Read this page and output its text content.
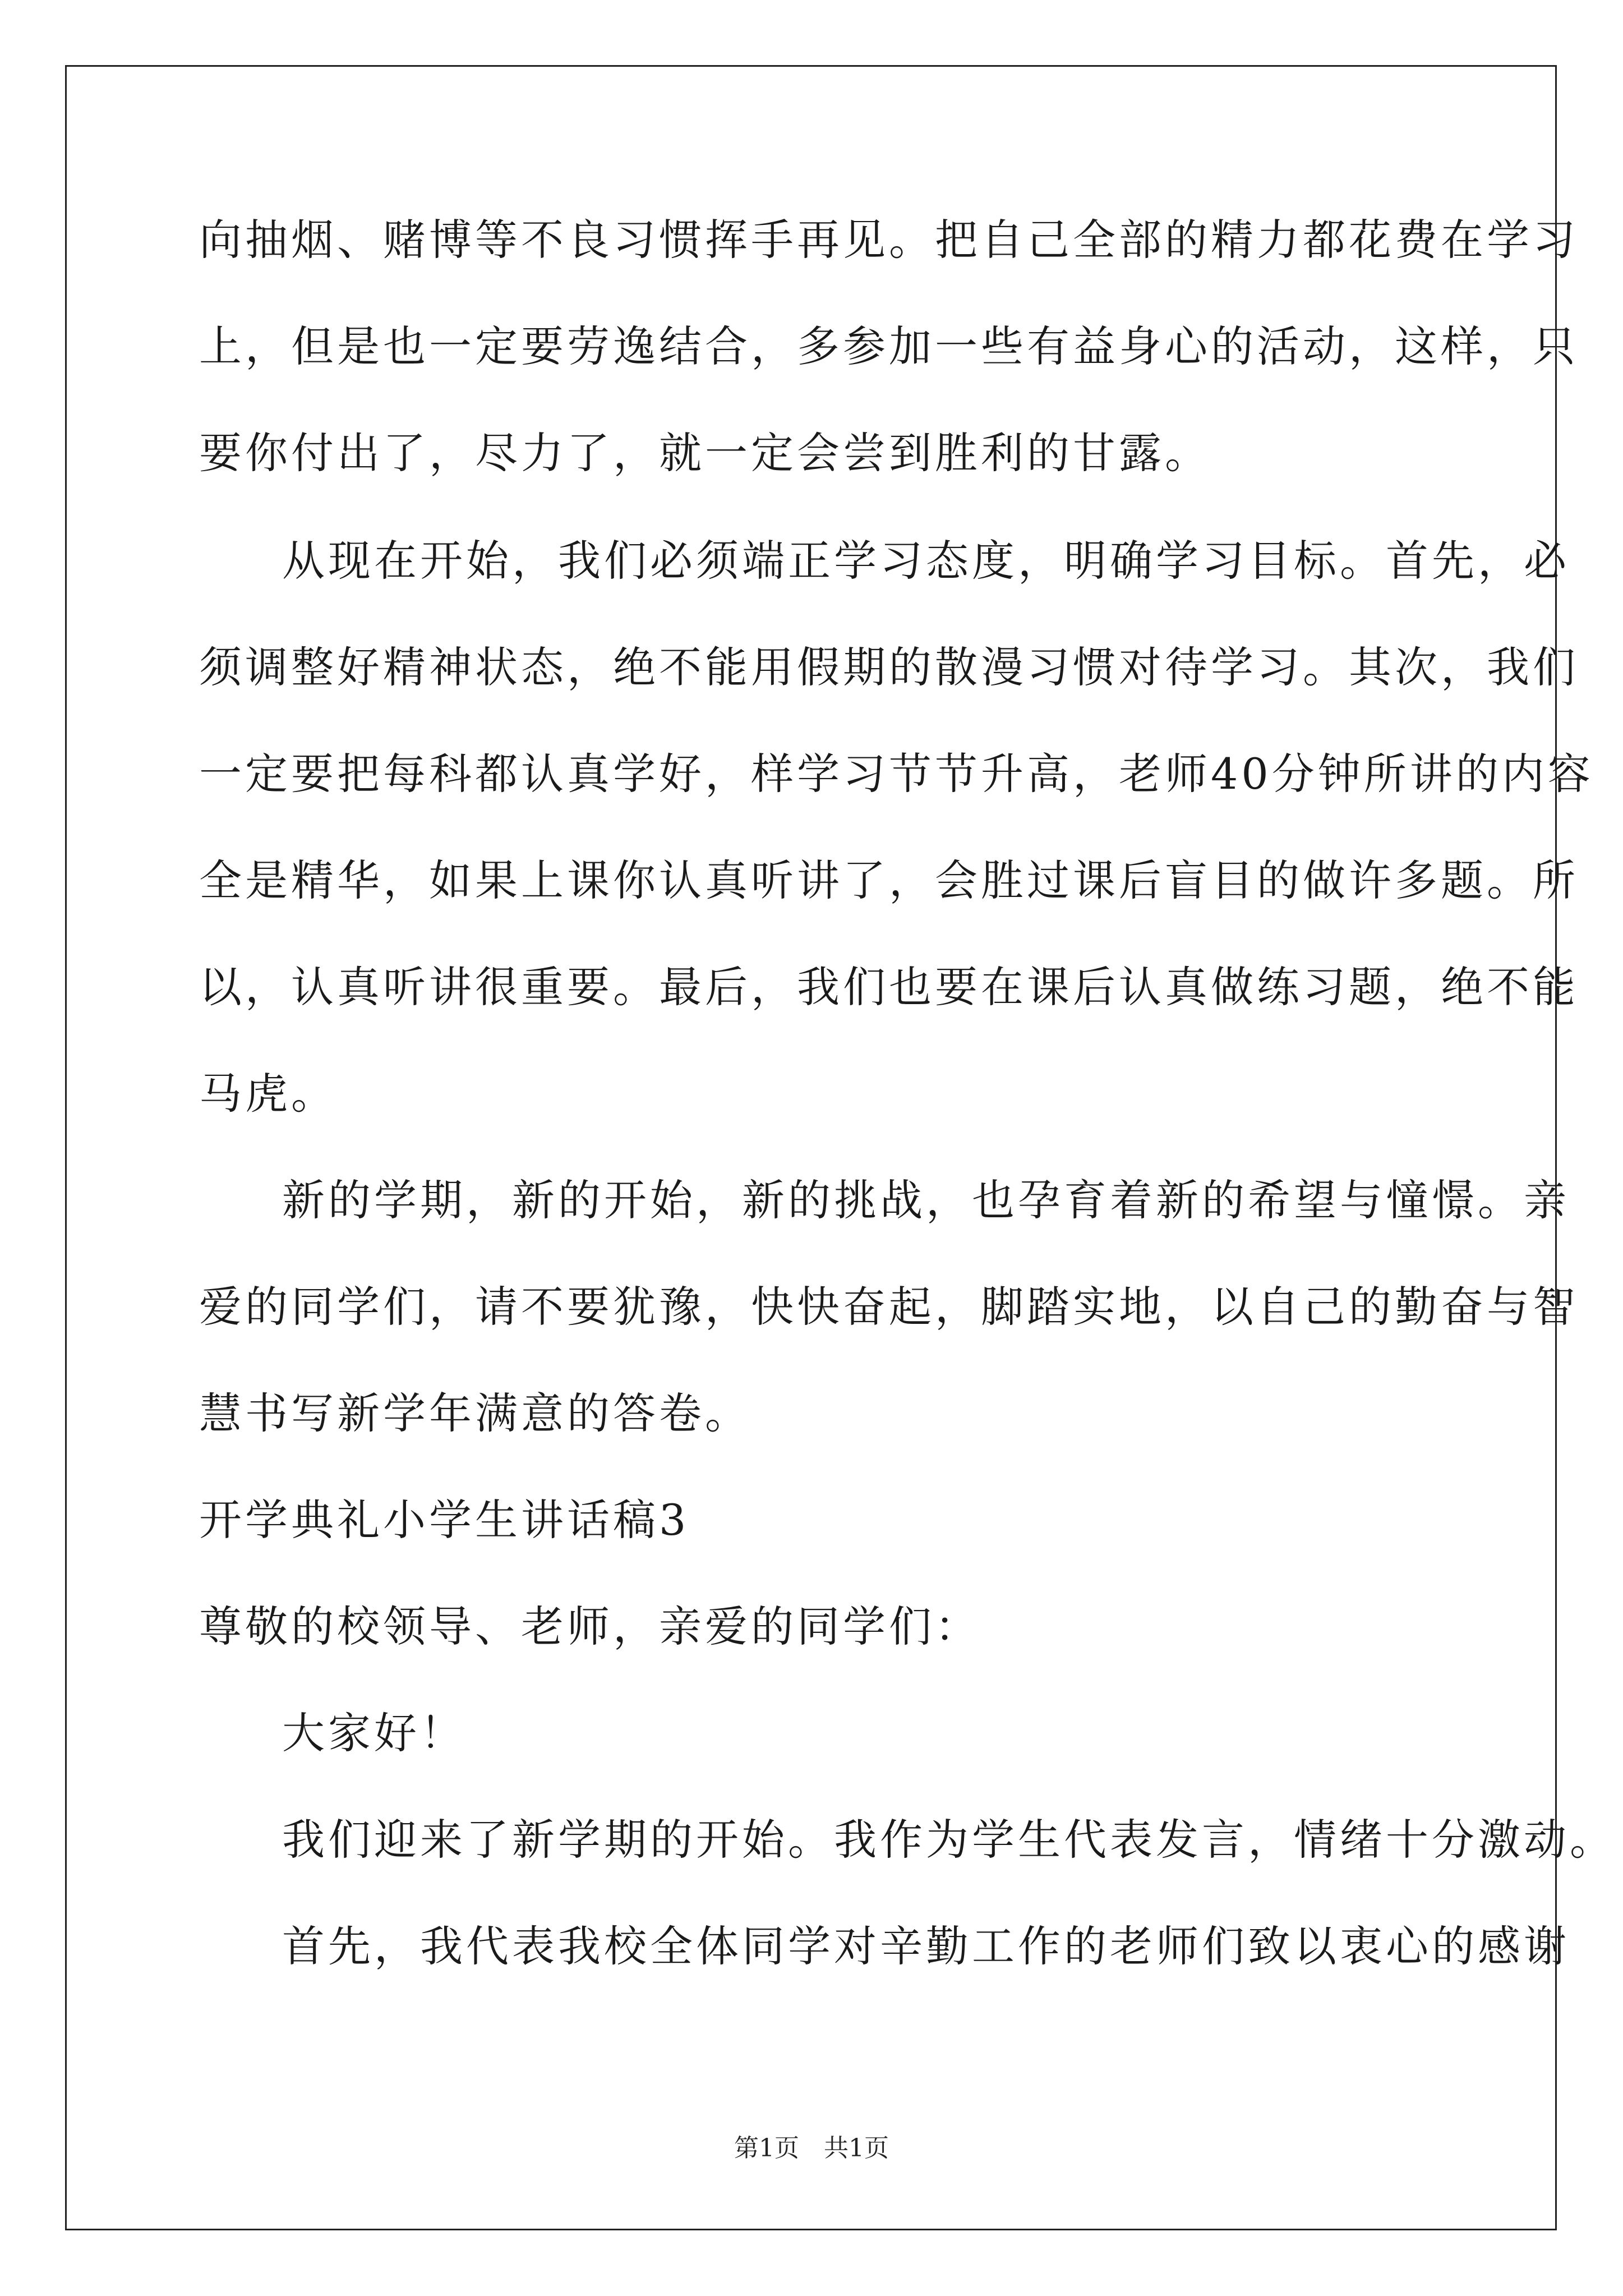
向抽烟、赌博等不良习惯挥手再见。把自己全部的精力都花费在学习
上，但是也一定要劳逸结合，多参加一些有益身心的活动，这样，只
要你付出了，尽力了，就一定会尝到胜利的甘露。
从现在开始，我们必须端正学习态度，明确学习目标。首先，必
须调整好精神状态，绝不能用假期的散漫习惯对待学习。其次，我们
一定要把每科都认真学好，样学习节节升高，老师40分钟所讲的内容
全是精华，如果上课你认真听讲了，会胜过课后盲目的做许多题。所
以，认真听讲很重要。最后，我们也要在课后认真做练习题，绝不能
马虎。
新的学期，新的开始，新的挑战，也孕育着新的希望与憧憬。亲
爱的同学们，请不要犹豫，快快奋起，脚踏实地，以自己的勤奋与智
慧书写新学年满意的答卷。
开学典礼小学生讲话稿3
尊敬的校领导、老师，亲爱的同学们：
大家好！
我们迎来了新学期的开始。我作为学生代表发言，情绪十分激动。
首先，我代表我校全体同学对辛勤工作的老师们致以衷心的感谢
第1页　共1页
